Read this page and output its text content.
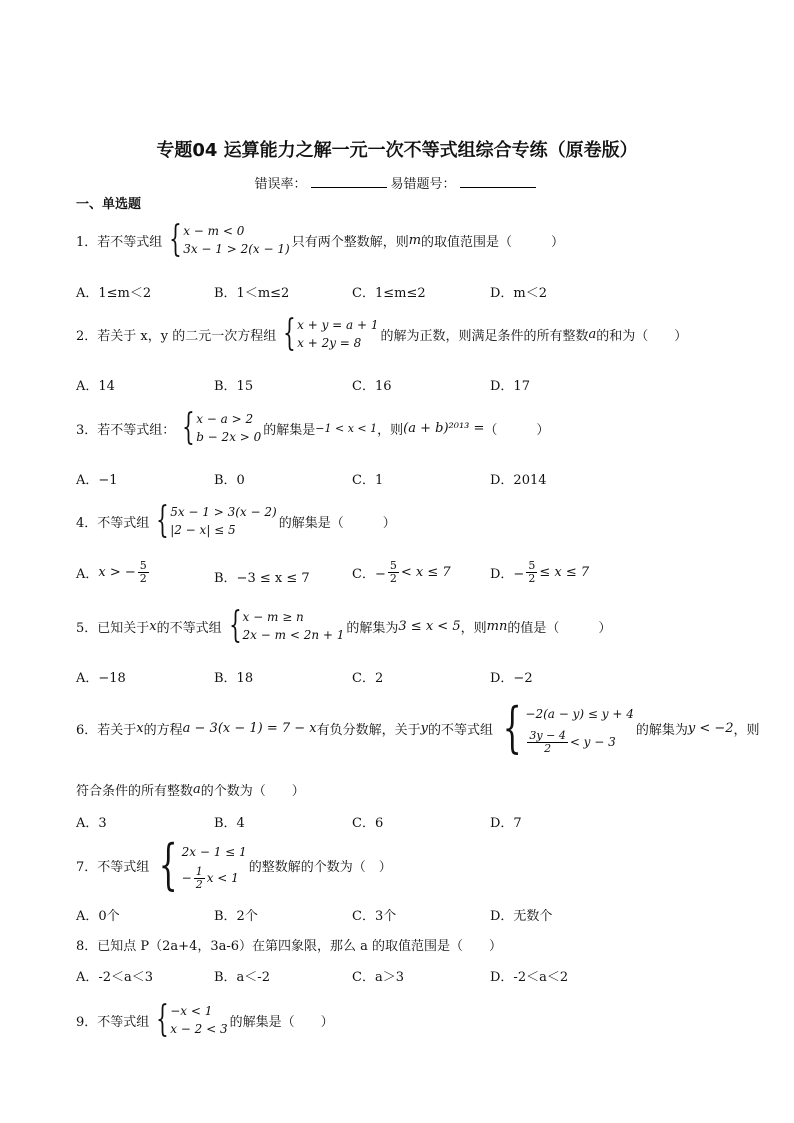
专题04 运算能力之解一元一次不等式组综合专练（原卷版）
错误率：	易错题号：
一、单选题
1．若不等式组 { x − m < 0
3x − 1 > 2(x − 1) 只有两个整数解，则 m 的取值范围是（　　　）
A．1≤m＜2	B．1＜m≤2	C．1≤m≤2	D．m＜2
2．若关于 x，y 的二元一次方程组 { x + y = a + 1
x + 2y = 8	的解为正数，则满足条件的所有整数 a 的和为（　　）
A．14	B．15	C．16	D．17
3．若不等式组： { x − a > 2
b − 2x > 0 的解集是 −1 < x < 1 ，则 (a + b)²⁰¹³ = （　　　）
A．−1	B．0	C．1	D．2014
4．不等式组 { 5x − 1 > 3(x − 2)
|2 − x| ≤ 5	的解集是（　　　）
A． x > − $\frac{5}{2}$	B．−3 ≤ x ≤ 7	C．− $\frac{5}{2} < x \le 7$	D．− $\frac{5}{2} \le x \le 7$
5．已知关于 x 的不等式组 { x − m ≥ n
2x − m < 2n + 1 的解集为 3 ≤ x < 5 ，则 mn 的值是（　　　）
A．−18	B．18	C．2	D．−2
6．若关于 x 的方程 a − 3(x − 1) = 7 − x 有负分数解，关于 y 的不等式组 { −2(a − y) ≤ y + 4
$\frac{3y - 4}{2} < y - 3$
的解集为 y < −2 ，则
符合条件的所有整数 a 的个数为（　　）
A．3	B．4	C．6	D．7
7．不等式组 { 2x − 1 ≤ 1
− $\frac{1}{2}$ x < 1
的整数解的个数为（　）
A．0个	B．2个	C．3个	D．无数个
8．已知点 P（2a+4，3a-6）在第四象限，那么 a 的取值范围是（　　）
A．-2＜a＜3	B．a＜-2	C．a＞3	D．-2＜a＜2
9．不等式组 { −x < 1
x − 2 < 3 的解集是（　　）
